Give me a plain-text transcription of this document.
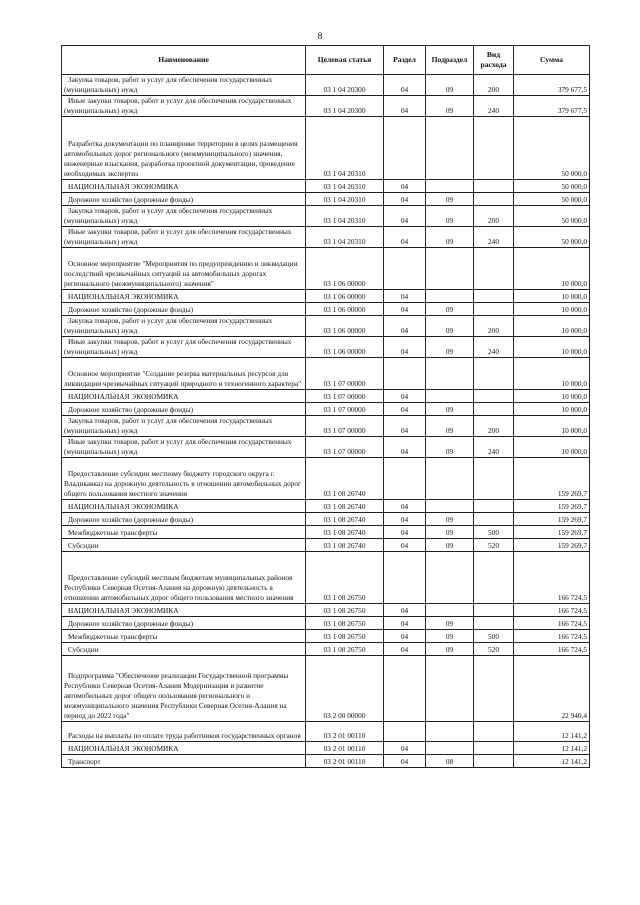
8
Наименование	Целевая статья	Раздел	Подраздел	Вид расхода	Сумма

Закупка товаров, работ и услуг для обеспечения государственных (муниципальных) нужд	03 1 04 20300	04	09	200	379 677,5

Иные закупки товаров, работ и услуг для обеспечения государственных (муниципальных) нужд	03 1 04 20300	04	09	240	379 677,5

Разработка документации по планировке территории в целях размещения автомобильных дорог регионального (межмуниципального) значения, инженерные изыскания, разработка проектной документации, проведение необходимых экспертиз	03 1 04 20310				50 000,0

НАЦИОНАЛЬНАЯ ЭКОНОМИКА	03 1 04 20310	04			50 000,0

Дорожное хозяйство (дорожные фонды)	03 1 04 20310	04	09		50 000,0

Закупка товаров, работ и услуг для обеспечения государственных (муниципальных) нужд	03 1 04 20310	04	09	200	50 000,0

Иные закупки товаров, работ и услуг для обеспечения государственных (муниципальных) нужд	03 1 04 20310	04	09	240	50 000,0

Основное мероприятие "Мероприятия по предупреждению и ликвидации последствий чрезвычайных ситуаций на автомобильных дорогах регионального (межмуниципального) значения"	03 1 06 00000				10 000,0

НАЦИОНАЛЬНАЯ ЭКОНОМИКА	03 1 06 00000	04			10 000,0

Дорожное хозяйство (дорожные фонды)	03 1 06 00000	04	09		10 000,0

Закупка товаров, работ и услуг для обеспечения государственных (муниципальных) нужд	03 1 06 00000	04	09	200	10 000,0

Иные закупки товаров, работ и услуг для обеспечения государственных (муниципальных) нужд	03 1 06 00000	04	09	240	10 000,0

Основное мероприятие "Создание резерва материальных ресурсов для ликвидации чрезвычайных ситуаций природного и техногенного характера"	03 1 07 00000				10 000,0

НАЦИОНАЛЬНАЯ ЭКОНОМИКА	03 1 07 00000	04			10 000,0

Дорожное хозяйство (дорожные фонды)	03 1 07 00000	04	09		10 000,0

Закупка товаров, работ и услуг для обеспечения государственных (муниципальных) нужд	03 1 07 00000	04	09	200	10 000,0

Иные закупки товаров, работ и услуг для обеспечения государственных (муниципальных) нужд	03 1 07 00000	04	09	240	10 000,0

Предоставление субсидии местному бюджету городского округа г. Владикавказ на дорожную деятельность в отношении автомобильных дорог общего пользования местного значения	03 1 08 26740				159 269,7

НАЦИОНАЛЬНАЯ ЭКОНОМИКА	03 1 08 26740	04			159 269,7

Дорожное хозяйство (дорожные фонды)	03 1 08 26740	04	09		159 269,7

Межбюджетные трансферты	03 1 08 26740	04	09	500	159 269,7

Субсидии	03 1 08 26740	04	09	520	159 269,7

Предоставление субсидий местным бюджетам муниципальных районов Республики Северная Осетия-Алания на дорожную деятельность в отношении автомобильных дорог общего пользования местного значения	03 1 08 26750				166 724,5

НАЦИОНАЛЬНАЯ ЭКОНОМИКА	03 1 08 26750	04			166 724,5

Дорожное хозяйство (дорожные фонды)	03 1 08 26750	04	09		166 724,5

Межбюджетные трансферты	03 1 08 26750	04	09	500	166 724,5

Субсидии	03 1 08 26750	04	09	520	166 724,5

Подпрограмма "Обеспечение реализации Государственной программы Республики Северная Осетия-Алания Модернизация и развитие автомобильных дорог общего пользования регионального и межмуниципального значения Республики Северная Осетия-Алания на период до 2022 года"	03 2 00 00000				22 940,4

Расходы на выплаты по оплате труда работников государственных органов	03 2 01 00110				12 141,2

НАЦИОНАЛЬНАЯ ЭКОНОМИКА	03 2 01 00110	04			12 141,2

Транспорт	03 2 01 00110	04	08		12 141,2
